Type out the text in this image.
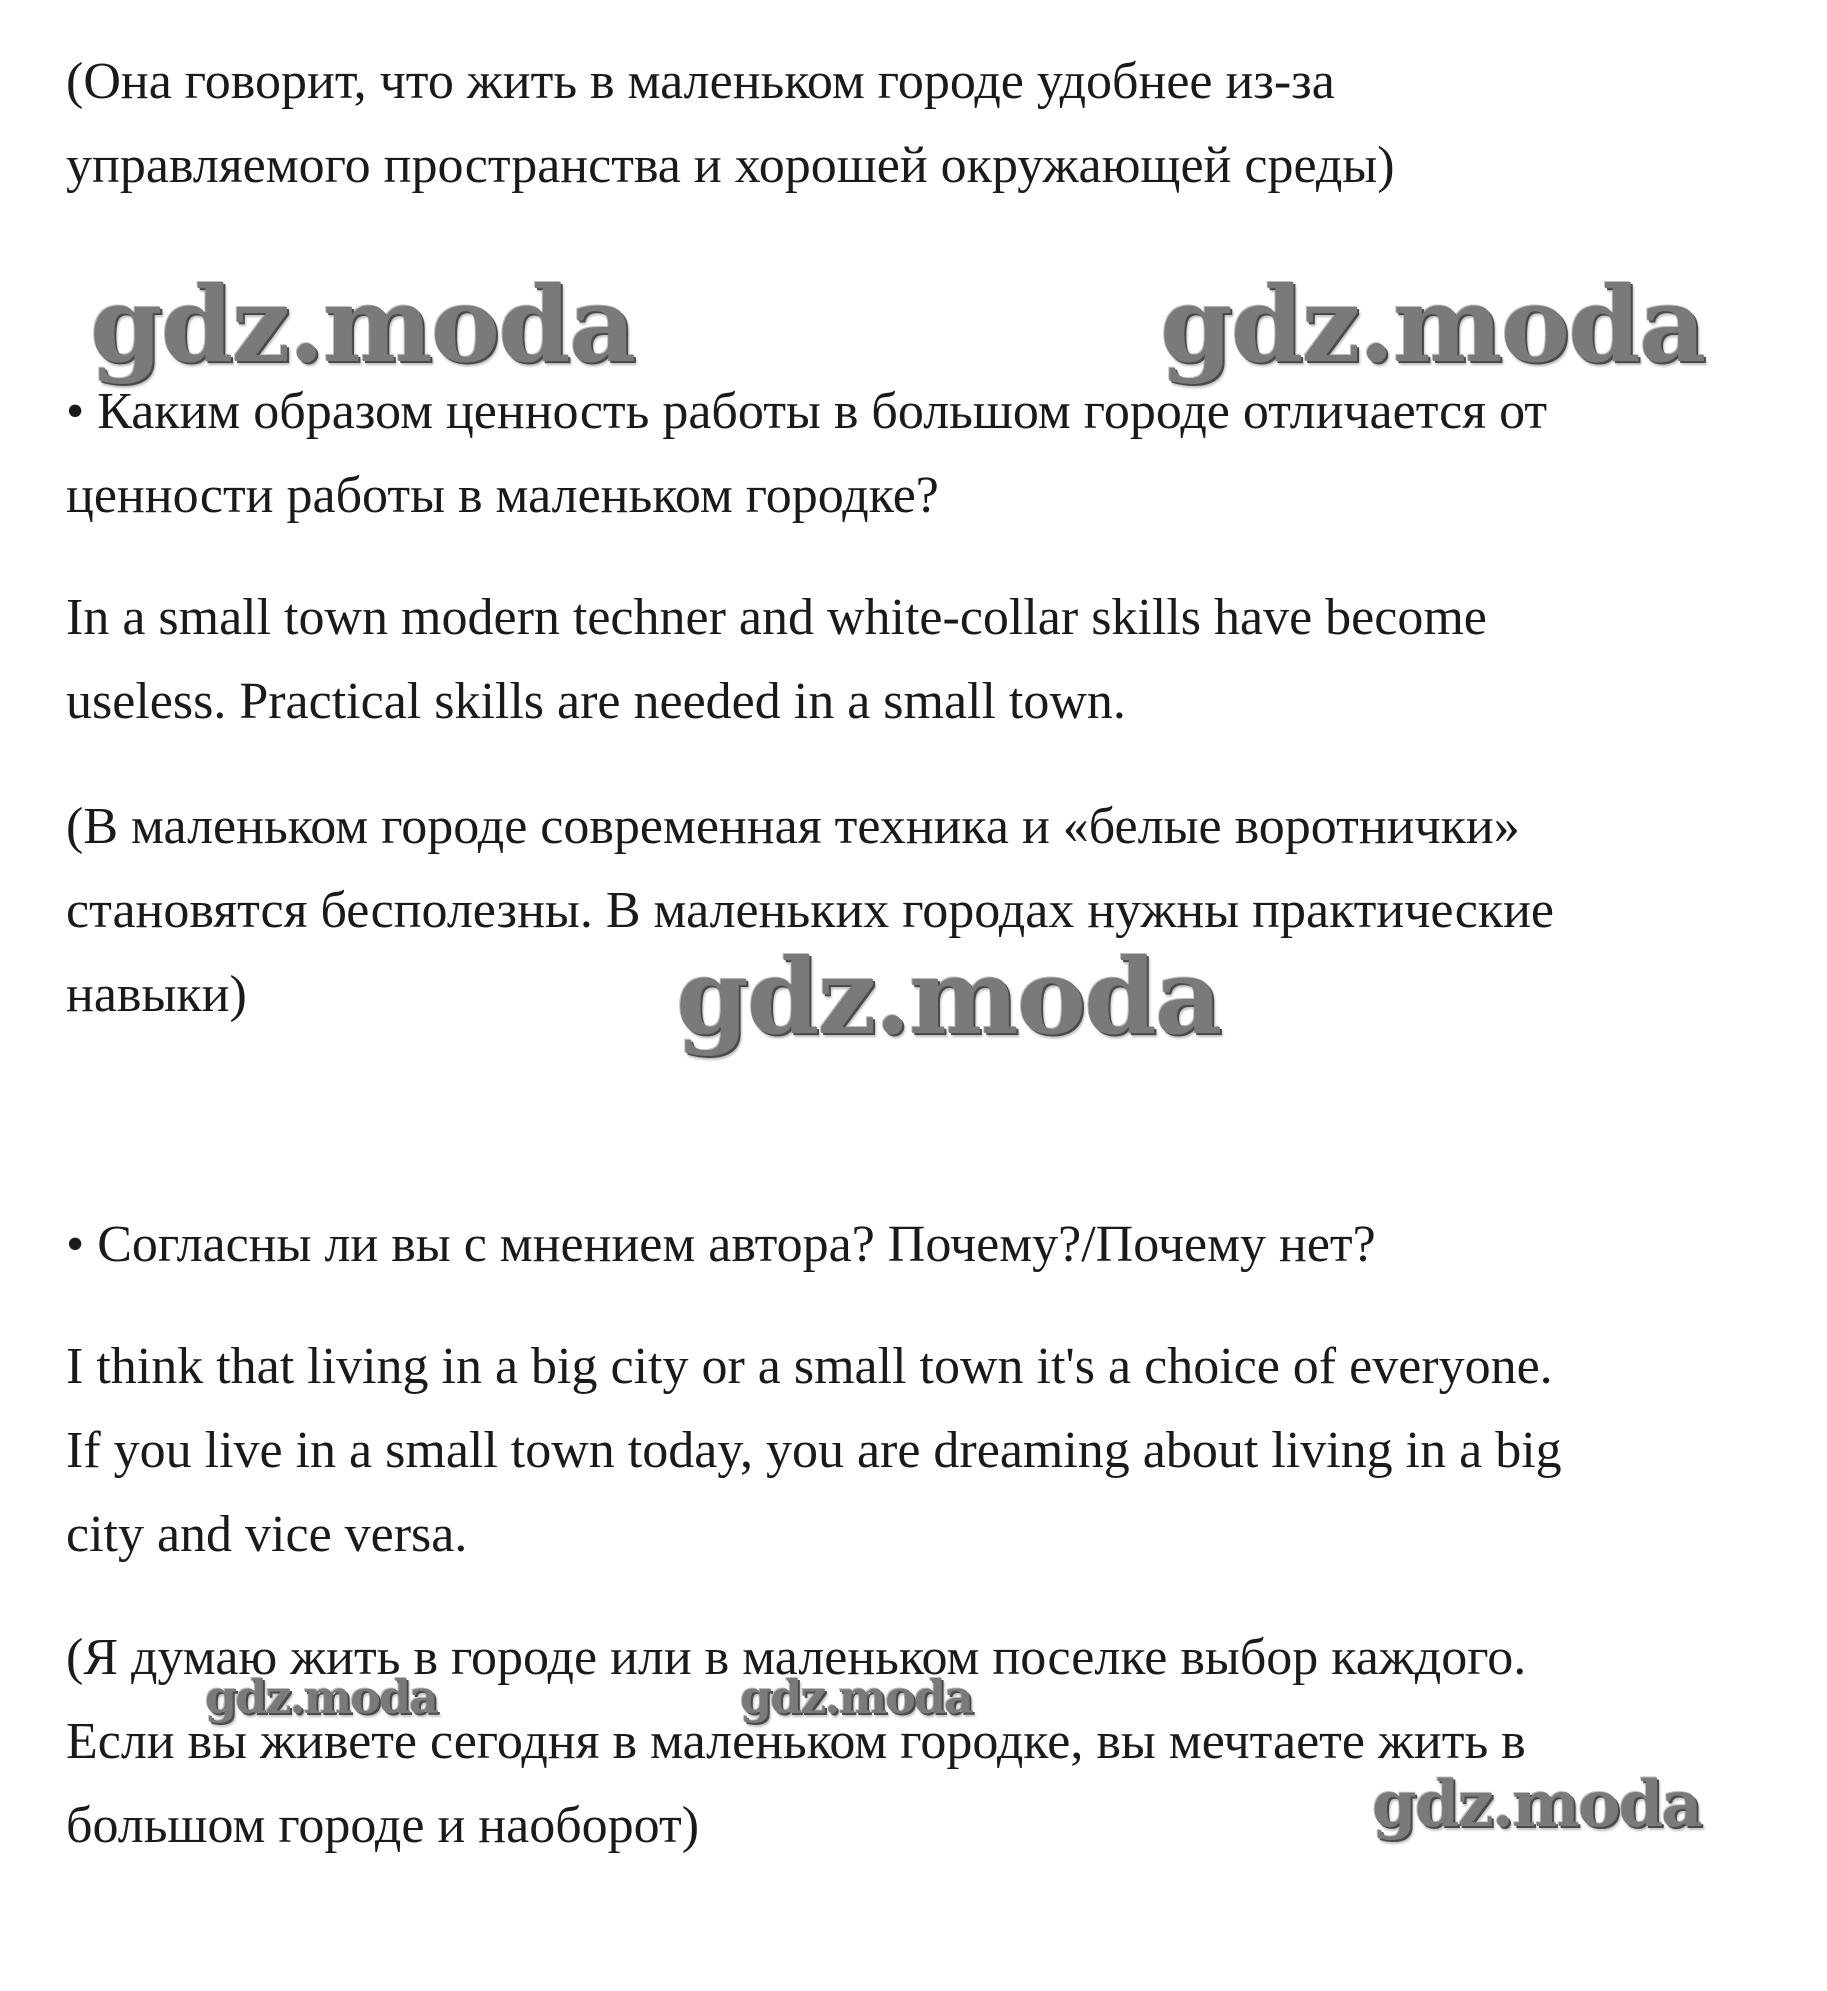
(Она говорит, что жить в маленьком городе удобнее из-за
управляемого пространства и хорошей окружающей среды)
• Каким образом ценность работы в большом городе отличается от
ценности работы в маленьком городке?
In a small town modern techner and white-collar skills have become
useless. Practical skills are needed in a small town.
(В маленьком городе современная техника и «белые воротнички»
становятся бесполезны. В маленьких городах нужны практические
навыки)
• Согласны ли вы с мнением автора? Почему?/Почему нет?
I think that living in a big city or a small town it's a choice of everyone.
If you live in a small town today, you are dreaming about living in a big
city and vice versa.
(Я думаю жить в городе или в маленьком поселке выбор каждого.
Если вы живете сегодня в маленьком городке, вы мечтаете жить в
большом городе и наоборот)
gdz.moda	gdz.moda
gdz.moda
gdz.moda	gdz.moda
gdz.moda
